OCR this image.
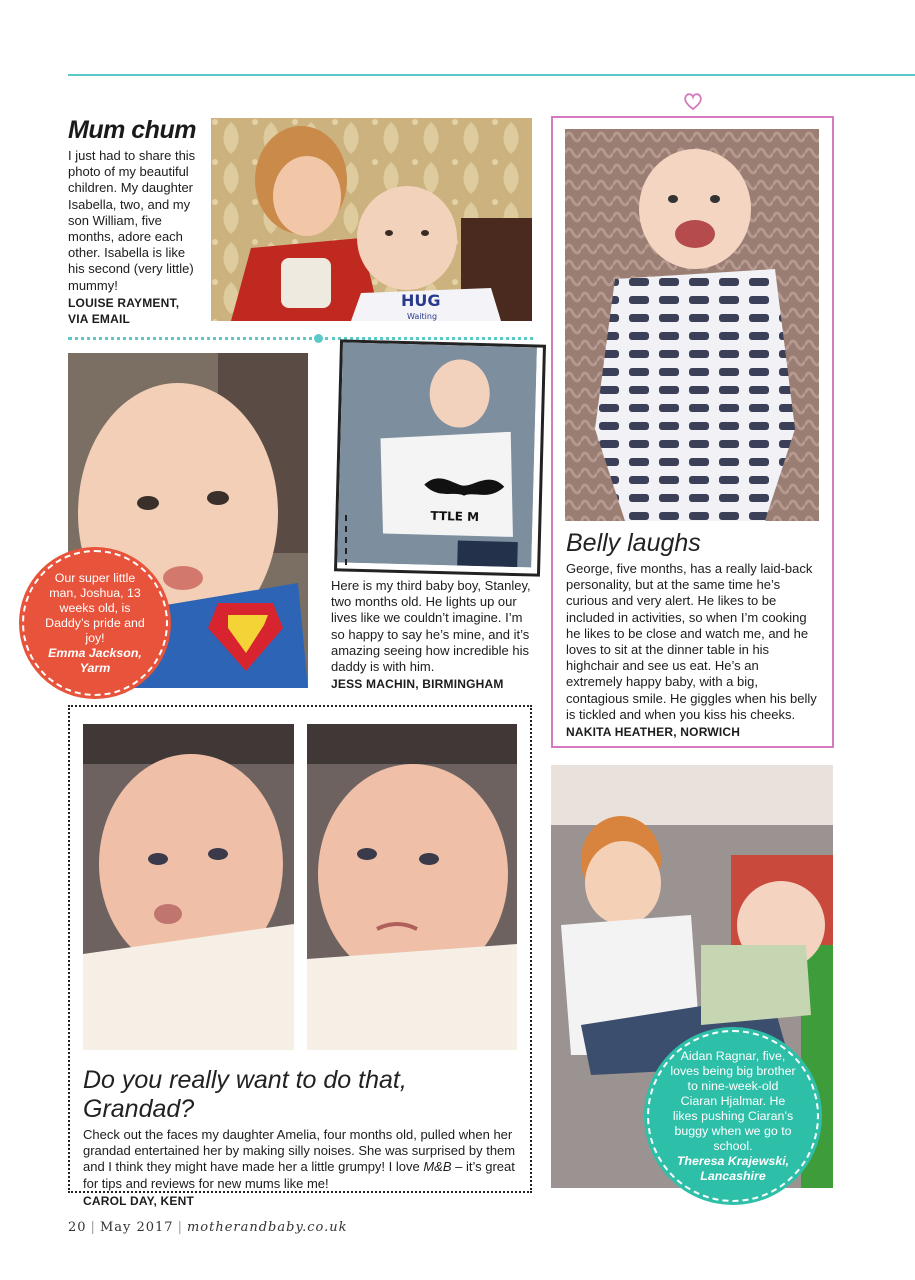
Mum chum
I just had to share this photo of my beautiful children. My daughter Isabella, two, and my son William, five months, adore each other. Isabella is like his second (very little) mummy!
LOUISE RAYMENT,
VIA EMAIL
HUG
Waiting
Our super little man, Joshua, 13 weeks old, is Daddy’s pride and joy!
Emma Jackson, Yarm
TTLE M
Here is my third baby boy, Stanley, two months old. He lights up our lives like we couldn’t imagine. I’m so happy to say he’s mine, and it’s amazing seeing how incredible his daddy is with him.
JESS MACHIN, BIRMINGHAM
Belly laughs
George, five months, has a really laid-back personality, but at the same time he’s curious and very alert. He likes to be included in activities, so when I’m cooking he likes to be close and watch me, and he loves to sit at the dinner table in his highchair and see us eat. He’s an extremely happy baby, with a big, contagious smile. He giggles when his belly is tickled and when you kiss his cheeks.
NAKITA HEATHER, NORWICH
Do you really want to do that, Grandad?
Check out the faces my daughter Amelia, four months old, pulled when her grandad entertained her by making silly noises. She was surprised by them and I think they might have made her a little grumpy! I love M&B – it’s great for tips and reviews for new mums like me!
CAROL DAY, KENT
Aidan Ragnar, five, loves being big brother to nine-week-old Ciaran Hjalmar. He likes pushing Ciaran’s buggy when we go to school.
Theresa Krajewski, Lancashire
20 | May 2017 | motherandbaby.co.uk
